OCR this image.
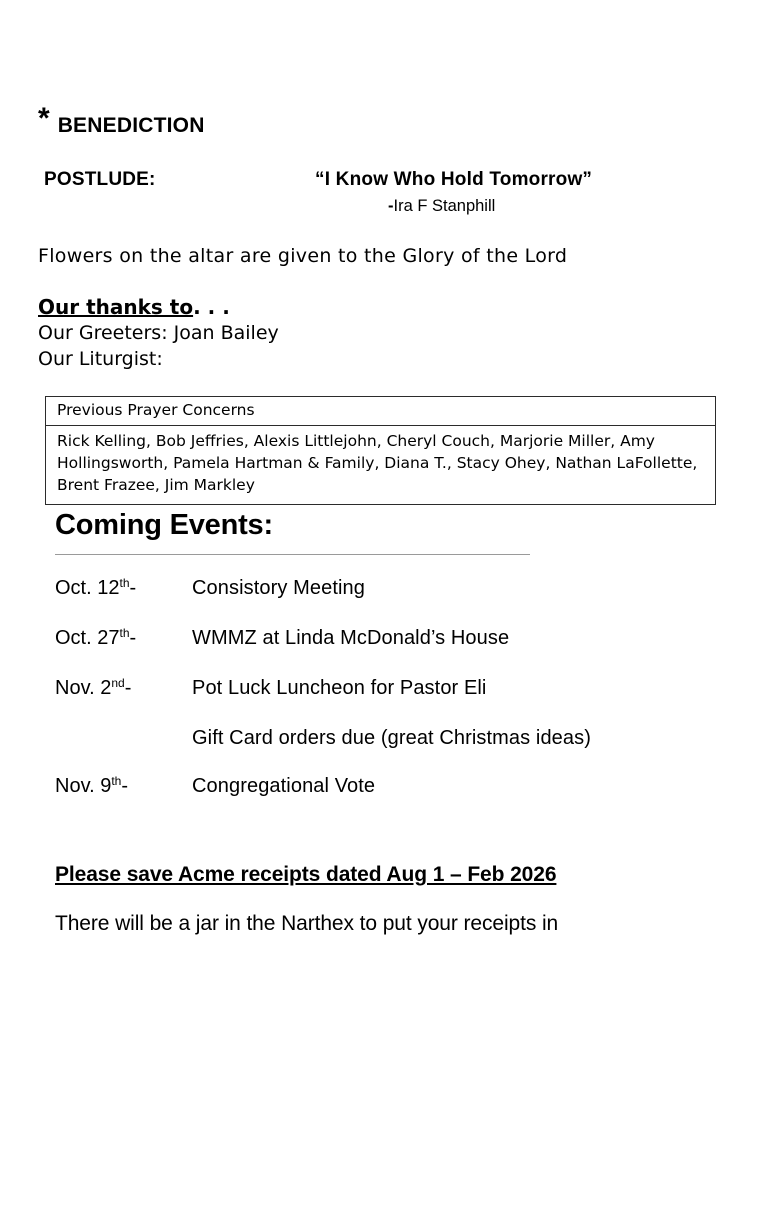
* BENEDICTION
POSTLUDE:	“I Know Who Hold Tomorrow”
-Ira F Stanphill
Flowers on the altar are given to the Glory of the Lord
Our thanks to. . .
Our Greeters: Joan Bailey
Our Liturgist:
Previous Prayer Concerns
Rick Kelling, Bob Jeffries, Alexis Littlejohn, Cheryl Couch, Marjorie Miller, Amy Hollingsworth, Pamela Hartman & Family, Diana T., Stacy Ohey, Nathan LaFollette, Brent Frazee, Jim Markley
Coming Events:
Oct. 12th-	Consistory Meeting
Oct. 27th-	WMMZ at Linda McDonald’s House
Nov. 2nd-	Pot Luck Luncheon for Pastor Eli
Gift Card orders due (great Christmas ideas)
Nov. 9th-	Congregational Vote
Please save Acme receipts dated Aug 1 – Feb 2026
There will be a jar in the Narthex to put your receipts in
